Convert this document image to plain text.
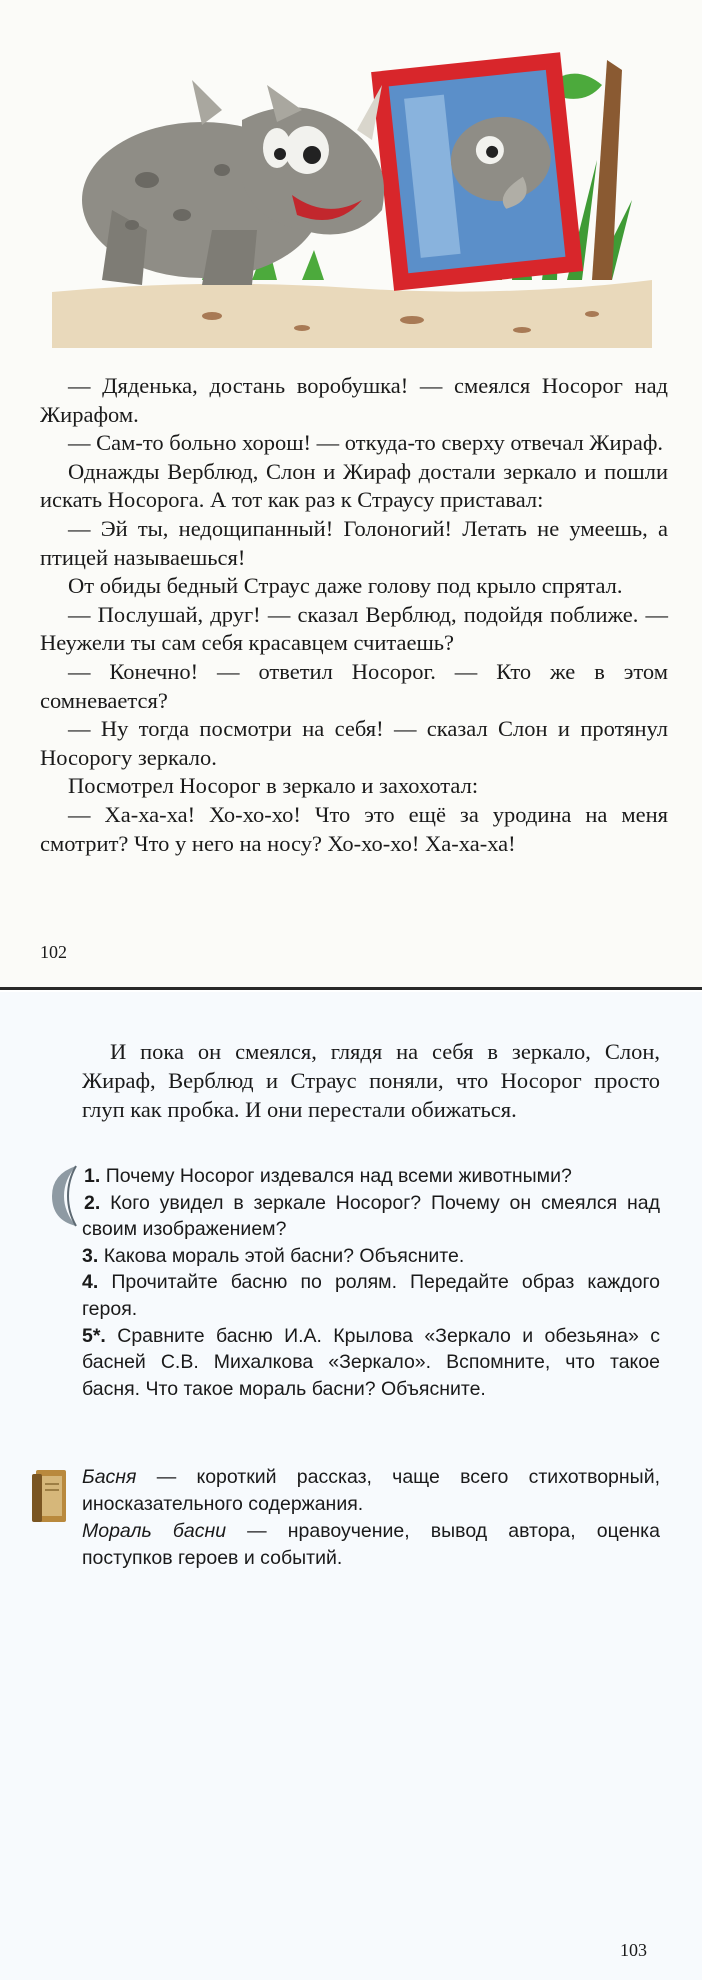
— Дяденька, достань воробушка! — смеялся Носорог над Жирафом.

— Сам-то больно хорош! — откуда-то сверху отвечал Жираф.

Однажды Верблюд, Слон и Жираф достали зеркало и пошли искать Носорога. А тот как раз к Страусу приставал:

— Эй ты, недощипанный! Голоногий! Летать не умеешь, а птицей называешься!

От обиды бедный Страус даже голову под крыло спрятал.

— Послушай, друг! — сказал Верблюд, подойдя поближе. — Неужели ты сам себя красавцем считаешь?

— Конечно! — ответил Носорог. — Кто же в этом сомневается?

— Ну тогда посмотри на себя! — сказал Слон и протянул Носорогу зеркало.

Посмотрел Носорог в зеркало и захохотал:

— Ха-ха-ха! Хо-хо-хо! Что это ещё за уродина на меня смотрит? Что у него на носу? Хо-хо-хо! Ха-ха-ха!

102
103

И пока он смеялся, глядя на себя в зеркало, Слон, Жираф, Верблюд и Страус поняли, что Носорог просто глуп как пробка. И они перестали обижаться.

1. Почему Носорог издевался над всеми животными?

2. Кого увидел в зеркале Носорог? Почему он смеялся над своим изображением?

3. Какова мораль этой басни? Объясните.

4. Прочитайте басню по ролям. Передайте образ каждого героя.

5*. Сравните басню И.А. Крылова «Зеркало и обезьяна» с басней С.В. Михалкова «Зеркало». Вспомните, что такое басня. Что такое мораль басни? Объясните.

Басня — короткий рассказ, чаще всего стихотворный, иносказательного содержания.

Мораль басни — нравоучение, вывод автора, оценка поступков героев и событий.
